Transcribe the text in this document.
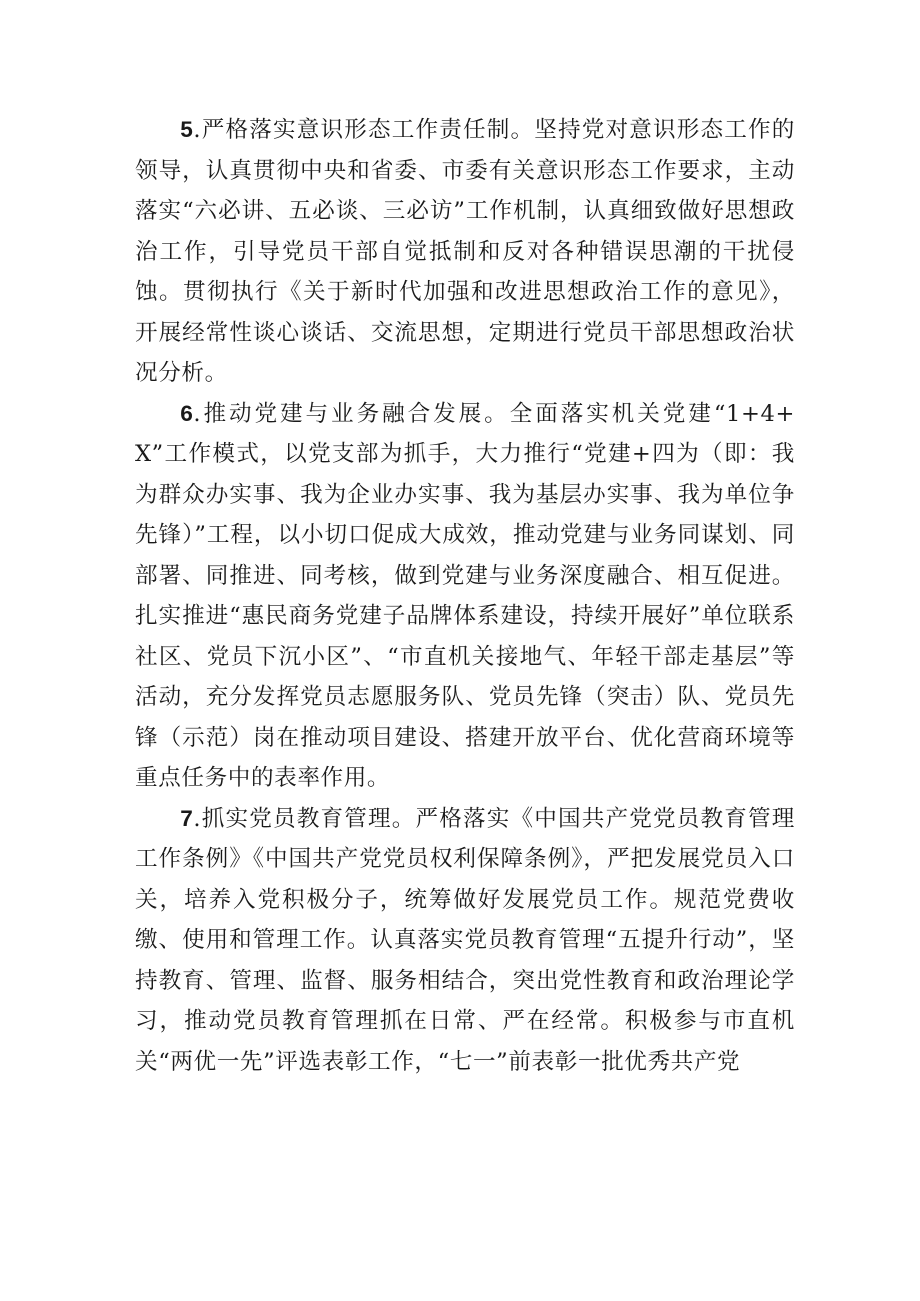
5.严格落实意识形态工作责任制。坚持党对意识形态工作的领导，认真贯彻中央和省委、市委有关意识形态工作要求，主动落实“六必讲、五必谈、三必访”工作机制，认真细致做好思想政治工作，引导党员干部自觉抵制和反对各种错误思潮的干扰侵蚀。贯彻执行《关于新时代加强和改进思想政治工作的意见》，开展经常性谈心谈话、交流思想，定期进行党员干部思想政治状况分析。

6.推动党建与业务融合发展。全面落实机关党建“1+4+X”工作模式，以党支部为抓手，大力推行“党建+四为（即：我为群众办实事、我为企业办实事、我为基层办实事、我为单位争先锋）”工程，以小切口促成大成效，推动党建与业务同谋划、同部署、同推进、同考核，做到党建与业务深度融合、相互促进。扎实推进“惠民商务党建子品牌体系建设，持续开展好”单位联系社区、党员下沉小区”、“市直机关接地气、年轻干部走基层”等活动，充分发挥党员志愿服务队、党员先锋（突击）队、党员先锋（示范）岗在推动项目建设、搭建开放平台、优化营商环境等重点任务中的表率作用。

7.抓实党员教育管理。严格落实《中国共产党党员教育管理工作条例》《中国共产党党员权利保障条例》，严把发展党员入口关，培养入党积极分子，统筹做好发展党员工作。规范党费收缴、使用和管理工作。认真落实党员教育管理“五提升行动”，坚持教育、管理、监督、服务相结合，突出党性教育和政治理论学习，推动党员教育管理抓在日常、严在经常。积极参与市直机关“两优一先”评选表彰工作，“七一”前表彰一批优秀共产党
